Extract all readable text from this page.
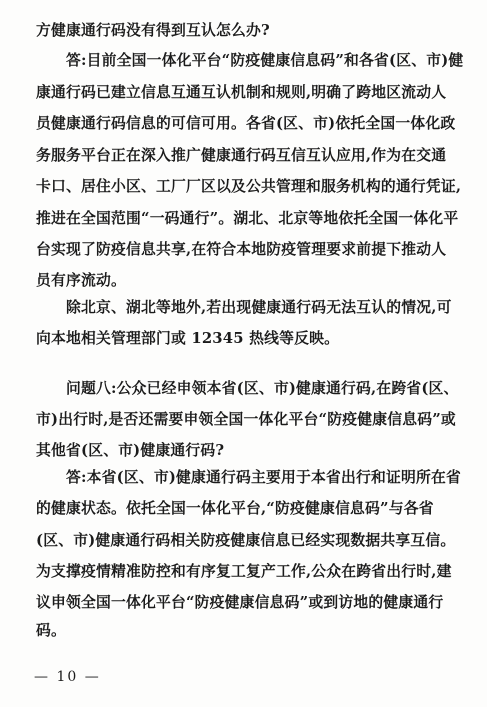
方健康通行码没有得到互认怎么办?
答:目前全国一体化平台“防疫健康信息码”和各省(区、市)健
康通行码已建立信息互通互认机制和规则,明确了跨地区流动人
员健康通行码信息的可信可用。各省(区、市)依托全国一体化政
务服务平台正在深入推广健康通行码互信互认应用,作为在交通
卡口、居住小区、工厂厂区以及公共管理和服务机构的通行凭证,
推进在全国范围“一码通行”。湖北、北京等地依托全国一体化平
台实现了防疫信息共享,在符合本地防疫管理要求前提下推动人
员有序流动。
除北京、湖北等地外,若出现健康通行码无法互认的情况,可
向本地相关管理部门或 12345 热线等反映。
问题八:公众已经申领本省(区、市)健康通行码,在跨省(区、
市)出行时,是否还需要申领全国一体化平台“防疫健康信息码”或
其他省(区、市)健康通行码?
答:本省(区、市)健康通行码主要用于本省出行和证明所在省
的健康状态。依托全国一体化平台,“防疫健康信息码”与各省
(区、市)健康通行码相关防疫健康信息已经实现数据共享互信。
为支撑疫情精准防控和有序复工复产工作,公众在跨省出行时,建
议申领全国一体化平台“防疫健康信息码”或到访地的健康通行
码。
— 10 —
